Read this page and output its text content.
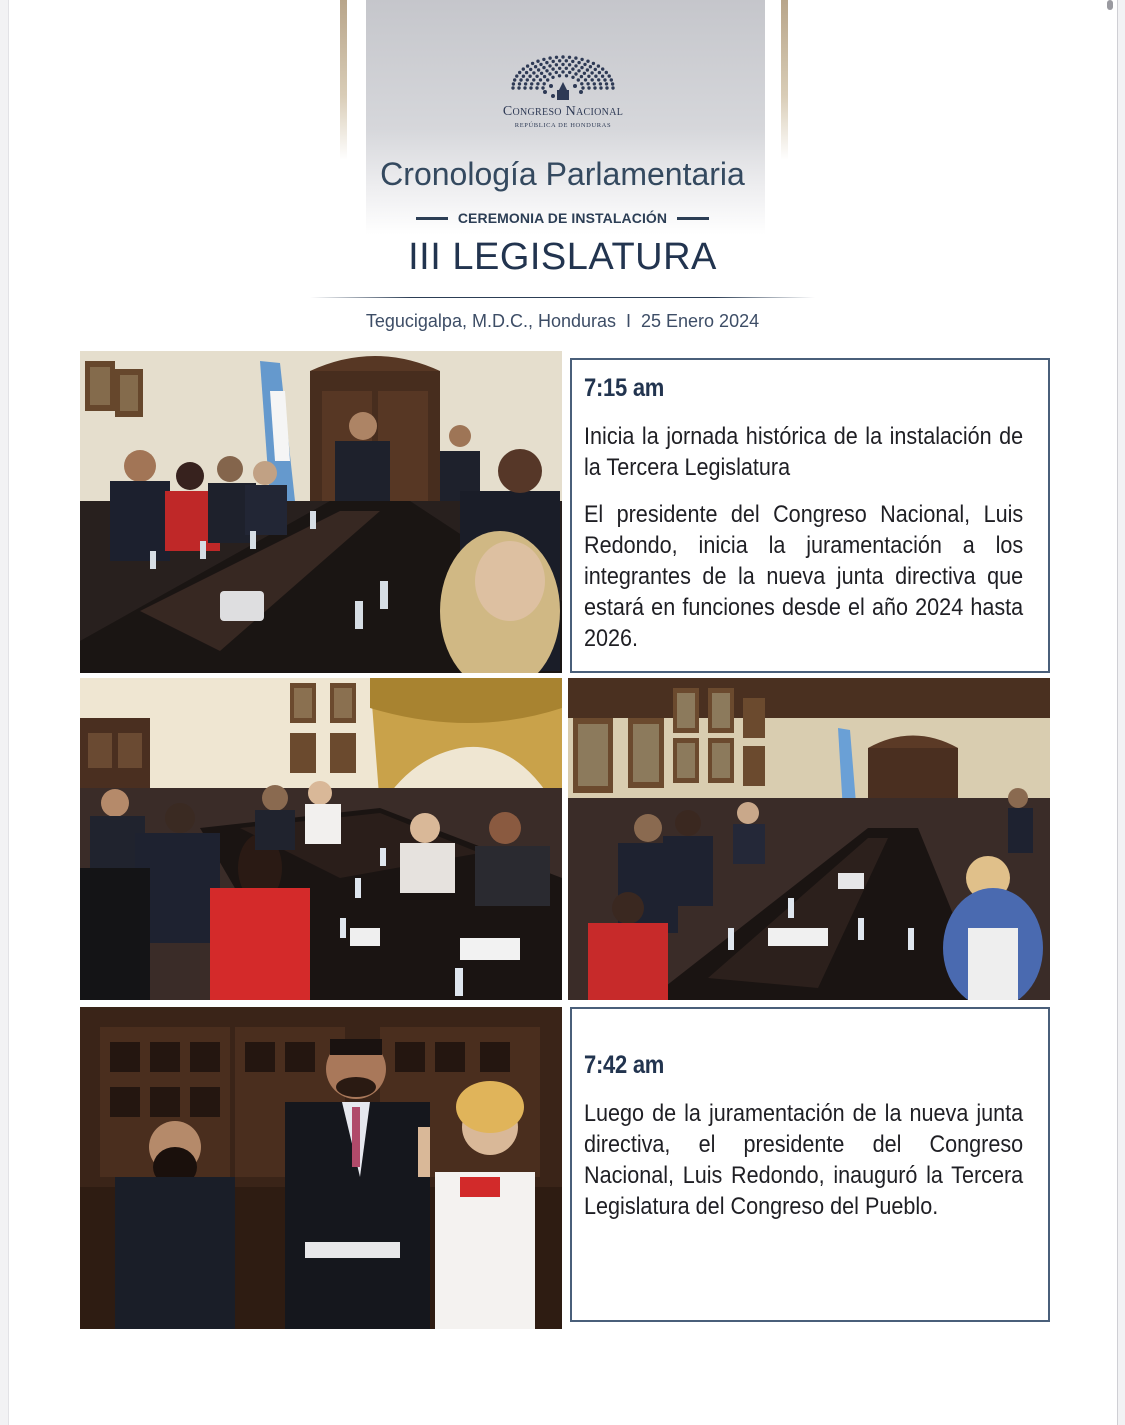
Congreso Nacional
REPÚBLICA DE HONDURAS
Cronología Parlamentaria
CEREMONIA DE INSTALACIÓN
III LEGISLATURA
Tegucigalpa, M.D.C., Honduras  I  25 Enero 2024
7:15 am
Inicia la jornada histórica de la instalación de la Tercera Legislatura
El presidente del Congreso Nacional, Luis Redondo, inicia la juramentación a los integrantes de la nueva junta directiva que estará en funciones desde el año 2024 hasta 2026.
7:42 am
Luego de la juramentación de la nueva junta directiva, el presidente del Congreso Nacional, Luis Redondo, inauguró la Tercera Legislatura del Congreso del Pueblo.
